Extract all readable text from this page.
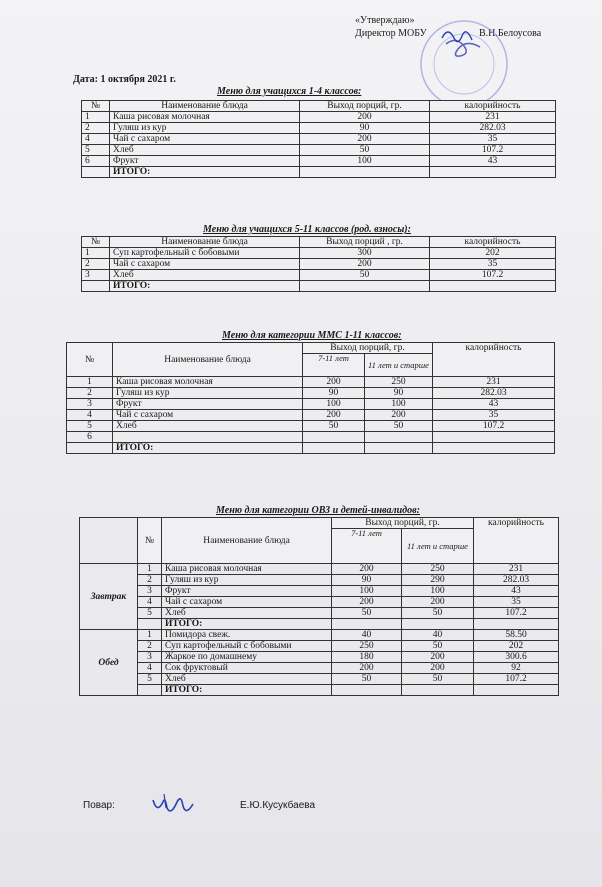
«Утверждаю»
Директор МОБУ	В.Н.Белоусова
Дата: 1 октября 2021 г.
Меню для учащихся 1-4 классов:
№	Наименование блюда	Выход порций, гр.	калорийность
1	Каша рисовая молочная	200	231
2	Гуляш из кур	90	282.03
4	Чай с сахаром	200	35
5	Хлеб	50	107.2
6	Фрукт	100	43
	ИТОГО:		
Меню для учащихся 5-11 классов (род. взносы):
№	Наименование блюда	Выход порций , гр.	калорийность
1	Суп картофельный с бобовыми	300	202
2	Чай с сахаром	200	35
3	Хлеб	50	107.2
	ИТОГО:		
Меню для категории ММС 1-11 классов:
№	Наименование блюда	Выход порций, гр.		калорийность
		7-11 лет	11 лет и старше	
1	Каша рисовая молочная	200	250	231
2	Гуляш из кур	90	90	282.03
3	Фрукт	100	100	43
4	Чай с сахаром	200	200	35
5	Хлеб	50	50	107.2
6				
	ИТОГО:			
Меню для категории ОВЗ и детей-инвалидов:
	№	Наименование блюда	Выход порций, гр.		калорийность
			7-11 лет	11 лет и старше	
Завтрак	1	Каша рисовая молочная	200	250	231
	2	Гуляш из кур	90	290	282.03
	3	Фрукт	100	100	43
	4	Чай с сахаром	200	200	35
	5	Хлеб	50	50	107.2
		ИТОГО:			
Обед	1	Помидора свеж.	40	40	58.50
	2	Суп картофельный с бобовыми	250	50	202
	3	Жаркое по домашнему	180	200	300.6
	4	Сок фруктовый	200	200	92
	5	Хлеб	50	50	107.2
		ИТОГО:			
Повар:	Е.Ю.Кусукбаева
